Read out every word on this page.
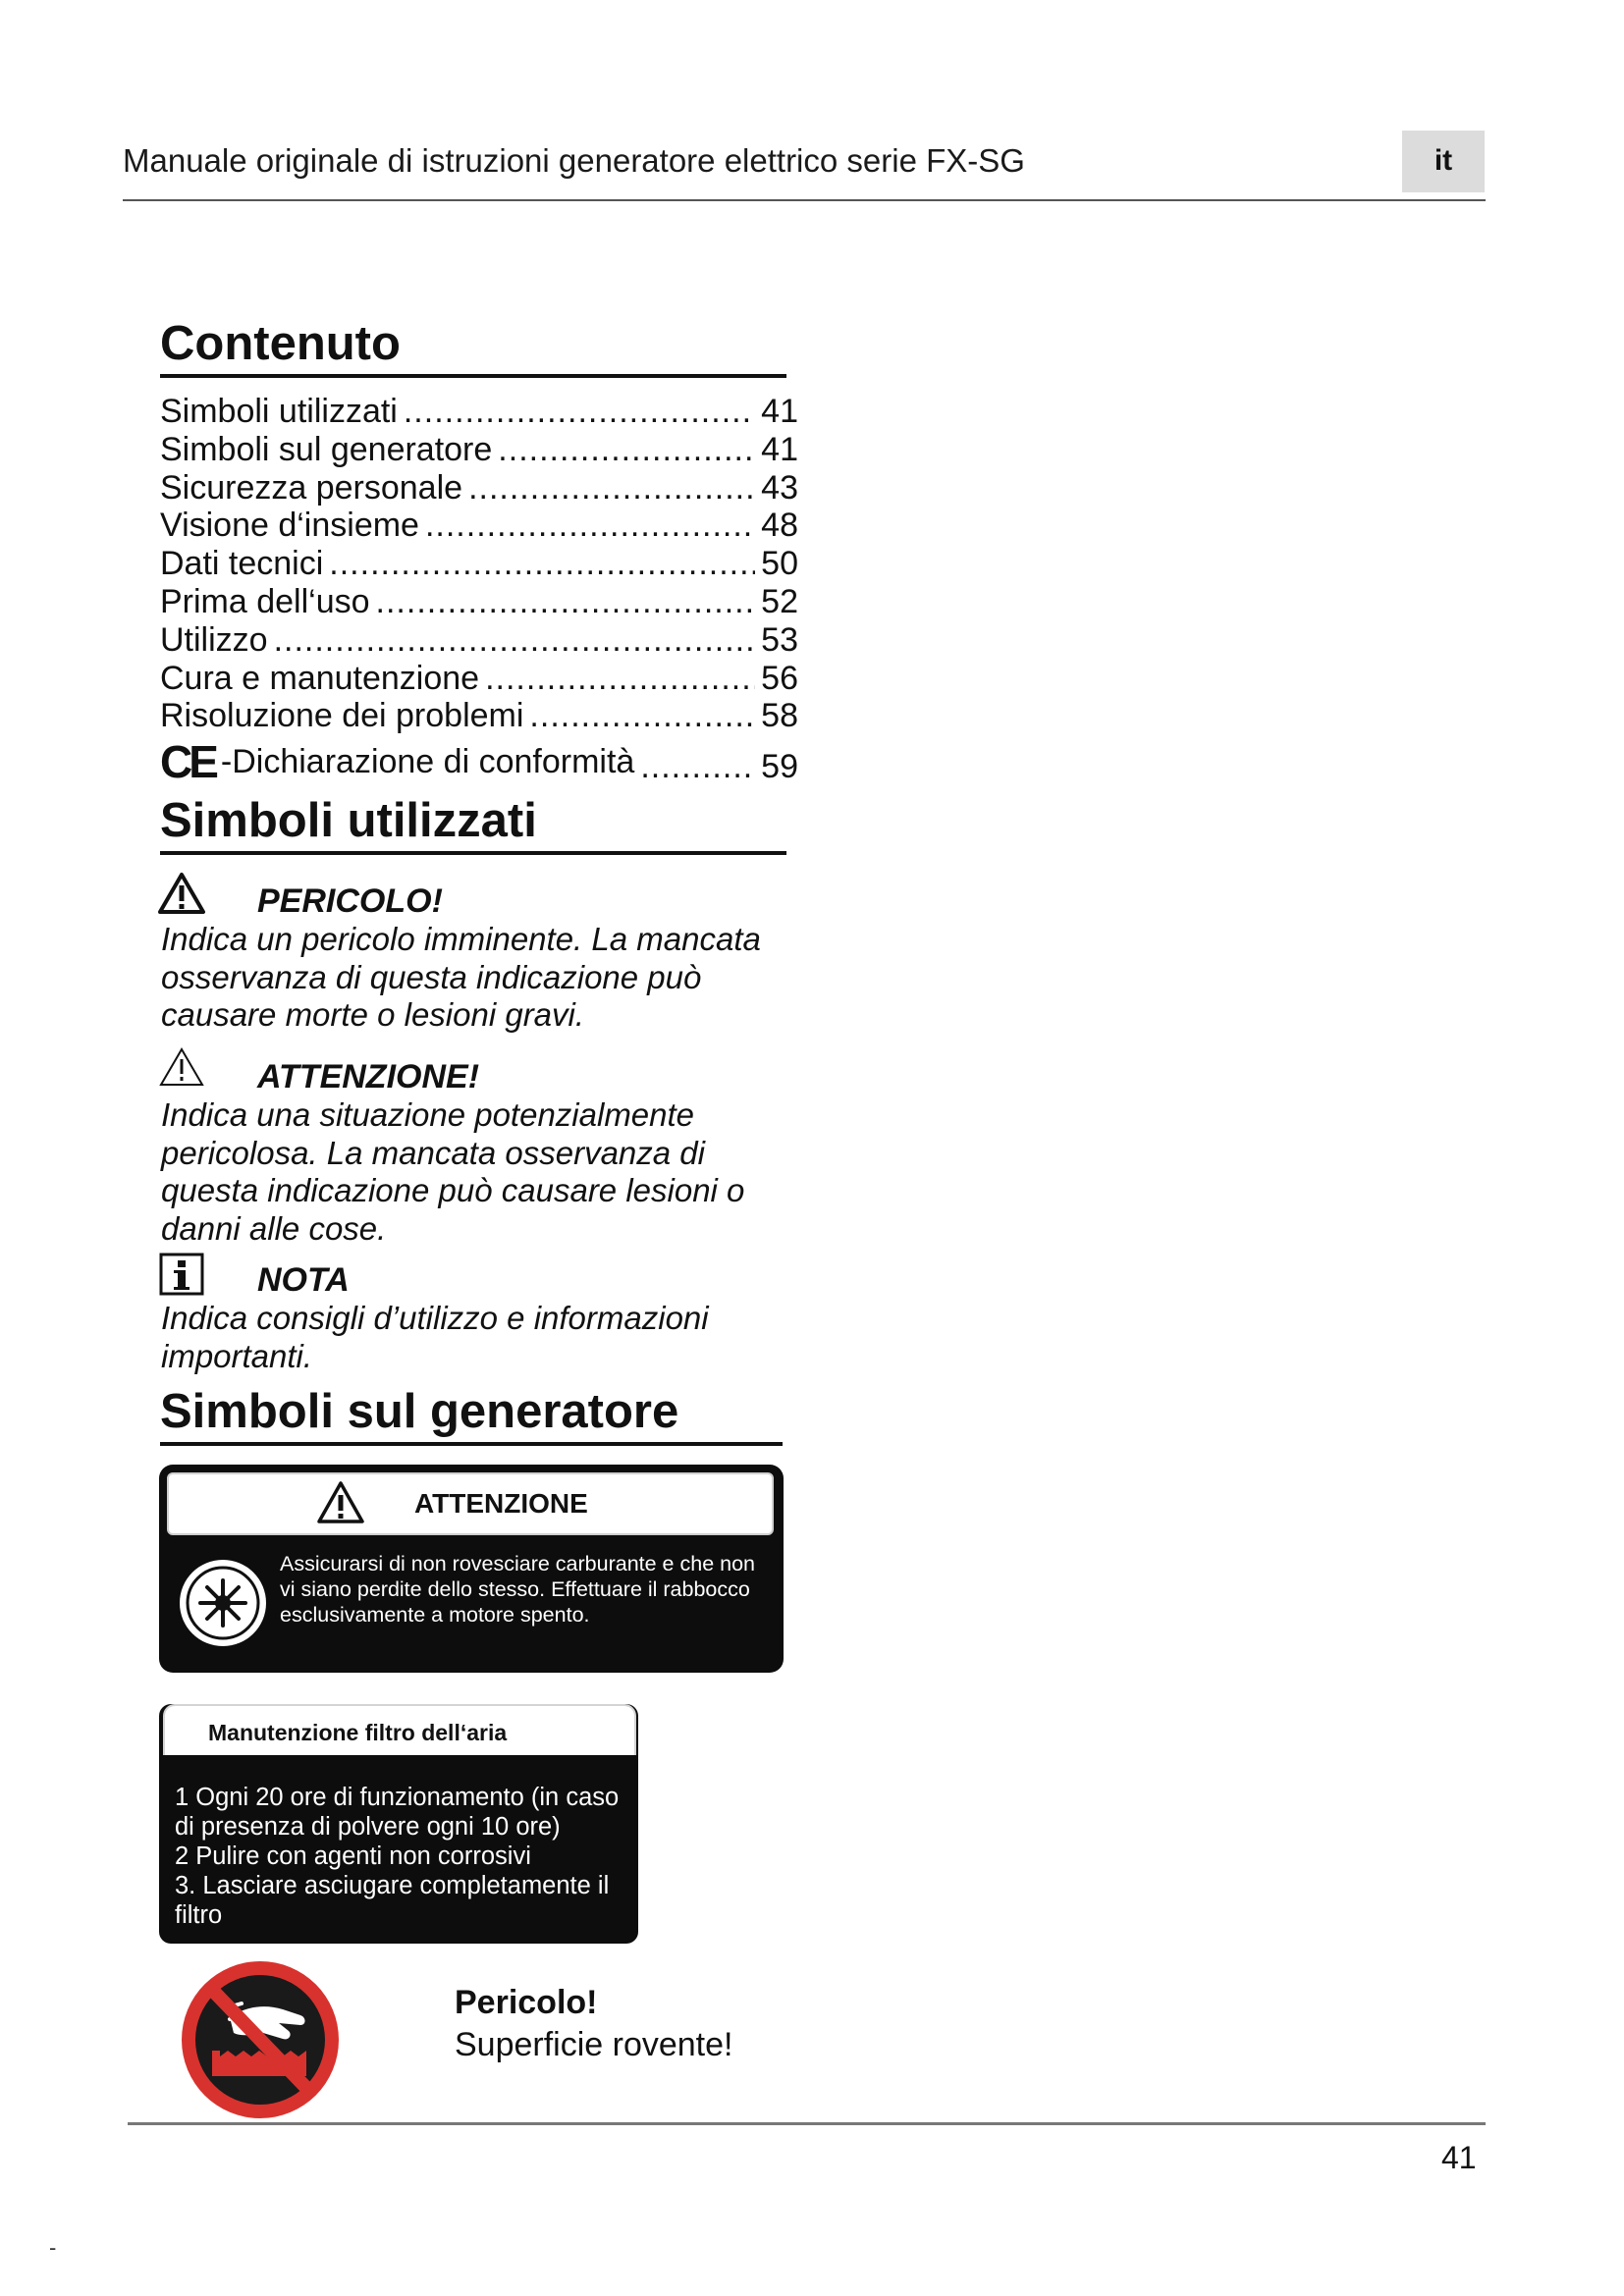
Manuale originale di istruzioni generatore elettrico serie FX-SG	it
Contenuto
Simboli utilizzati .....	41
Simboli sul generatore .....	41
Sicurezza personale .....	43
Visione d‘insieme .....	48
Dati tecnici .....	50
Prima dell‘uso .....	52
Utilizzo .....	53
Cura e manutenzione .....	56
Risoluzione dei problemi .....	58
CE -Dichiarazione di conformità .....	59
Simboli utilizzati
PERICOLO!
Indica un pericolo imminente. La mancata
osservanza di questa indicazione può
causare morte o lesioni gravi.
ATTENZIONE!
Indica una situazione potenzialmente
pericolosa. La mancata osservanza di
questa indicazione può causare lesioni o
danni alle cose.
NOTA
Indica consigli d’utilizzo e informazioni
importanti.
Simboli sul generatore
ATTENZIONE
Assicurarsi di non rovesciare carburante e che non
vi siano perdite dello stesso. Effettuare il rabbocco
esclusivamente a motore spento.
Manutenzione filtro dell‘aria
1 Ogni 20 ore di funzionamento (in caso
di presenza di polvere ogni 10 ore)
2 Pulire con agenti non corrosivi
3. Lasciare asciugare completamente il
filtro
Pericolo!
Superficie rovente!
41
-
